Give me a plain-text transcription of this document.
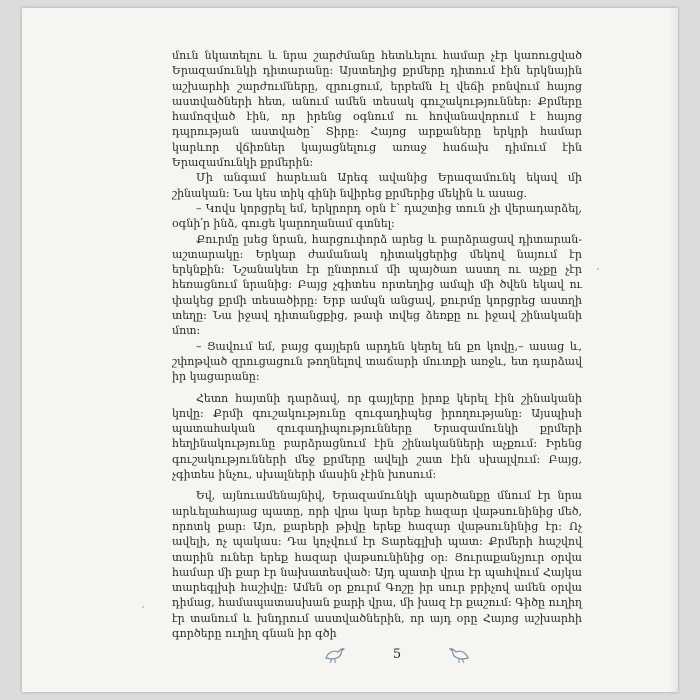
մուն նկատելու և նրա շարժմանը հետևելու համար չէր կառուցված Երազամունկի դիտարանը: Այստեղից քրմերը դիտում էին երկնային աշխարհի շարժումները, զրուցում, երբեմն էլ վեճի բռնվում հայոց աստվածների հետ, անում ամեն տեսակ գուշակություններ: Քրմերը համոզված էին, որ իրենց օգնում ու հովանավորում է հայոց դպրության աստվածը՝ Տիրը: Հայոց արքաները երկրի համար կարևոր վճիռներ կայացնելուց առաջ հաճախ դիմում էին Երազամունկի քրմերին:

Մի անգամ հարևան Արեգ ավանից Երազամունկ եկավ մի շինական: Նա կես տիկ գինի նվիրեց քրմերից մեկին և ասաց.

– Կովս կորցրել եմ, երկրորդ օրն է՝ դաշտից տուն չի վերադարձել, օգնի՛ր ինձ, գուցե կարողանամ գտնել:

Քուրմը լսեց նրան, հարցուփորձ արեց և բարձրացավ դիտարան-աշտարակը: Երկար ժամանակ դիտակցերից մեկով նայում էր երկնքին: Նշանակետ էր ընտրում մի պայծառ աստղ ու աչքը չէր հեռացնում նրանից: Բայց չգիտես որտեղից ամպի մի ծվեն եկավ ու փակեց քրմի տեսածիրը: Երբ ամպն անցավ, քուրմը կորցրեց աստղի տեղը: Նա իջավ դիտանցքից, թափ տվեց ձեռքը ու իջավ շինականի մոտ:

– Ցավում եմ, բայց գայլերն արդեն կերել են քո կովը,– ասաց և, շփոթված զրուցացուն թողնելով տաճարի մուտքի առջև, ետ դարձավ իր կացարանը:

Հետո հայտնի դարձավ, որ գայլերը իրոք կերել էին շինականի կովը: Քրմի գուշակությունը զուգադիպեց իրողությանը: Այսպիսի պատահական զուգադիպությունները Երազամունկի քրմերի հեղինակությունը բարձրացնում էին շինականների աչքում: Իրենց գուշակությունների մեջ քրմերը ավելի շատ էին սխալվում: Բայց, չգիտես ինչու, սխալների մասին չէին խոսում:

Եվ, այնուամենայնիվ, Երազամունկի պարծանքը մնում էր նրա արևելահայաց պատը, որի վրա կար երեք հազար վաթսունինից մեծ, որոտկ քար: Այո, քարերի թիվը երեք հազար վաթսունինից էր: Ոչ ավելի, ոչ պակաս: Դա կոչվում էր Տարեգլխի պատ: Քրմերի հաշվով տարին ուներ երեք հազար վաթսունինից օր: Յուրաքանչյուր օրվա համար մի քար էր նախատեսված: Այդ պատի վրա էր պահվում Հայկա տարեգլխի հաշիվը: Ամեն օր քուրմ Գոշը իր սուր բրիչով ամեն օրվա դիմաց, համապատասխան քարի վրա, մի խազ էր քաշում: Գիծը ուղիղ էր տանում և խնդրում աստվածներին, որ այդ օրը Հայոց աշխարհի գործերը ուղիղ գնան իր գծի

5
